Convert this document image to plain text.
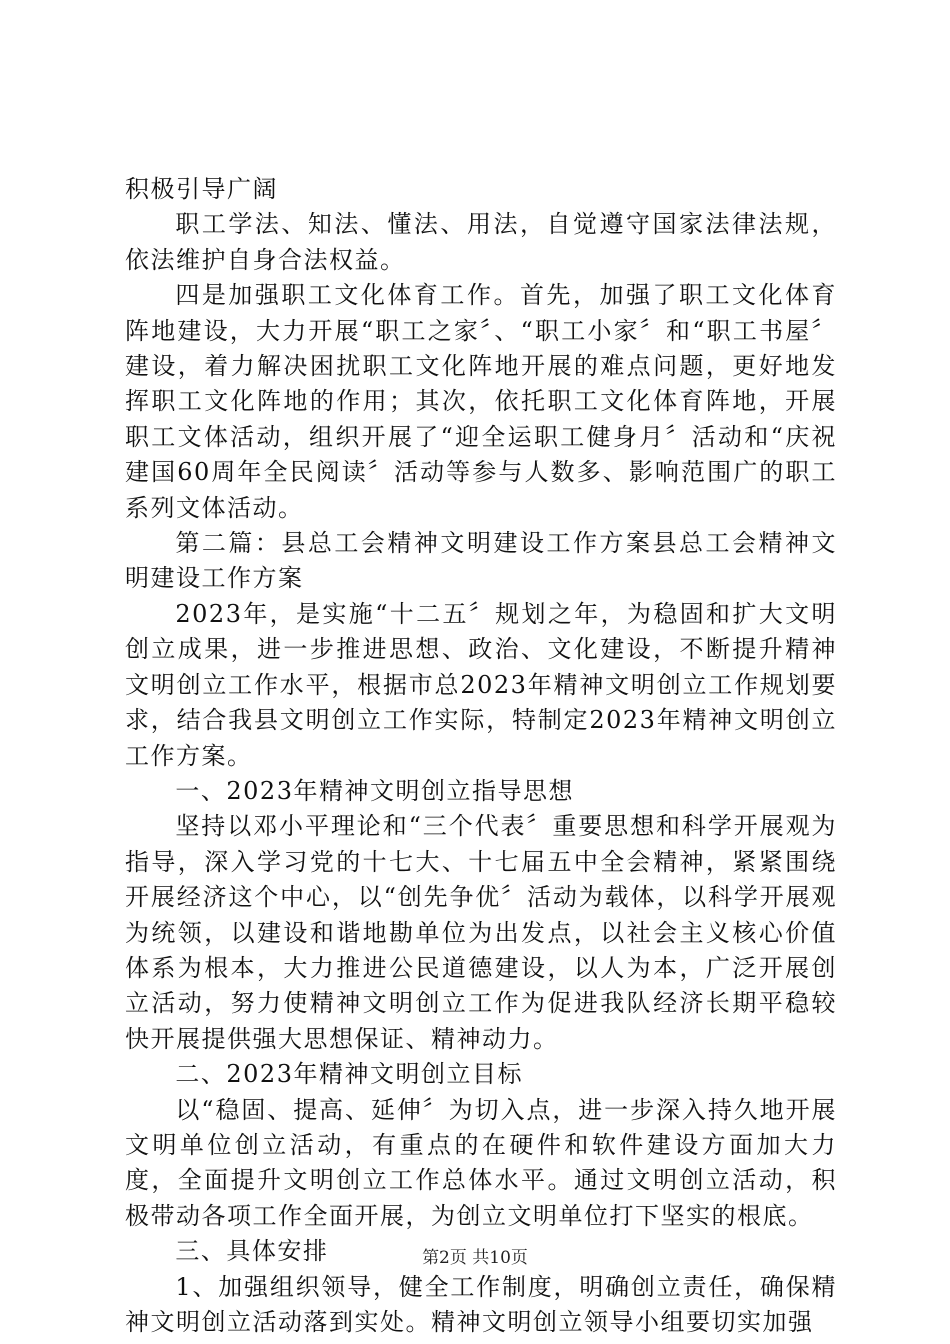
积极引导广阔

职工学法、知法、懂法、用法，自觉遵守国家法律法规，依法维护自身合法权益。

四是加强职工文化体育工作。首先，加强了职工文化体育阵地建设，大力开展“职工之家〞、“职工小家〞和“职工书屋〞建设，着力解决困扰职工文化阵地开展的难点问题，更好地发挥职工文化阵地的作用；其次，依托职工文化体育阵地，开展职工文体活动，组织开展了“迎全运职工健身月〞活动和“庆祝建国60周年全民阅读〞活动等参与人数多、影响范围广的职工系列文体活动。

第二篇：县总工会精神文明建设工作方案县总工会精神文明建设工作方案

2023年，是实施“十二五〞规划之年，为稳固和扩大文明创立成果，进一步推进思想、政治、文化建设，不断提升精神文明创立工作水平，根据市总2023年精神文明创立工作规划要求，结合我县文明创立工作实际，特制定2023年精神文明创立工作方案。

一、2023年精神文明创立指导思想

坚持以邓小平理论和“三个代表〞重要思想和科学开展观为指导，深入学习党的十七大、十七届五中全会精神，紧紧围绕开展经济这个中心，以“创先争优〞活动为载体，以科学开展观为统领，以建设和谐地勘单位为出发点，以社会主义核心价值体系为根本，大力推进公民道德建设，以人为本，广泛开展创立活动，努力使精神文明创立工作为促进我队经济长期平稳较快开展提供强大思想保证、精神动力。

二、2023年精神文明创立目标

以“稳固、提高、延伸〞为切入点，进一步深入持久地开展文明单位创立活动，有重点的在硬件和软件建设方面加大力度，全面提升文明创立工作总体水平。通过文明创立活动，积极带动各项工作全面开展，为创立文明单位打下坚实的根底。

三、具体安排

1、加强组织领导，健全工作制度，明确创立责任，确保精神文明创立活动落到实处。精神文明创立领导小组要切实加强

第2页 共10页
